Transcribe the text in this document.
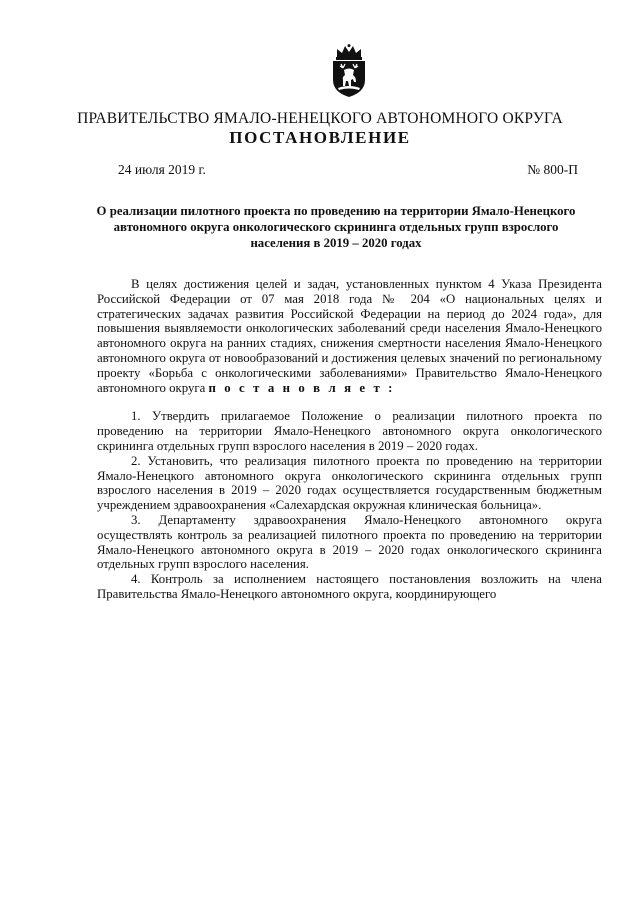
ПРАВИТЕЛЬСТВО ЯМАЛО-НЕНЕЦКОГО АВТОНОМНОГО ОКРУГА
ПОСТАНОВЛЕНИЕ
24 июля 2019 г.	№ 800-П
О реализации пилотного проекта по проведению на территории Ямало-Ненецкого автономного округа онкологического скрининга отдельных групп взрослого населения в 2019 – 2020 годах

В целях достижения целей и задач, установленных пунктом 4 Указа Президента Российской Федерации от 07 мая 2018 года № 204 «О национальных целях и стратегических задачах развития Российской Федерации на период до 2024 года», для повышения выявляемости онкологических заболеваний среди населения Ямало-Ненецкого автономного округа на ранних стадиях, снижения смертности населения Ямало-Ненецкого автономного округа от новообразований и достижения целевых значений по региональному проекту «Борьба с онкологическими заболеваниями» Правительство Ямало-Ненецкого автономного округа п о с т а н о в л я е т :

1. Утвердить прилагаемое Положение о реализации пилотного проекта по проведению на территории Ямало-Ненецкого автономного округа онкологического скрининга отдельных групп взрослого населения в 2019 – 2020 годах.

2. Установить, что реализация пилотного проекта по проведению на территории Ямало-Ненецкого автономного округа онкологического скрининга отдельных групп взрослого населения в 2019 – 2020 годах осуществляется государственным бюджетным учреждением здравоохранения «Салехардская окружная клиническая больница».

3. Департаменту здравоохранения Ямало-Ненецкого автономного округа осуществлять контроль за реализацией пилотного проекта по проведению на территории Ямало-Ненецкого автономного округа в 2019 – 2020 годах онкологического скрининга отдельных групп взрослого населения.

4. Контроль за исполнением настоящего постановления возложить на члена Правительства Ямало-Ненецкого автономного округа, координирующего
